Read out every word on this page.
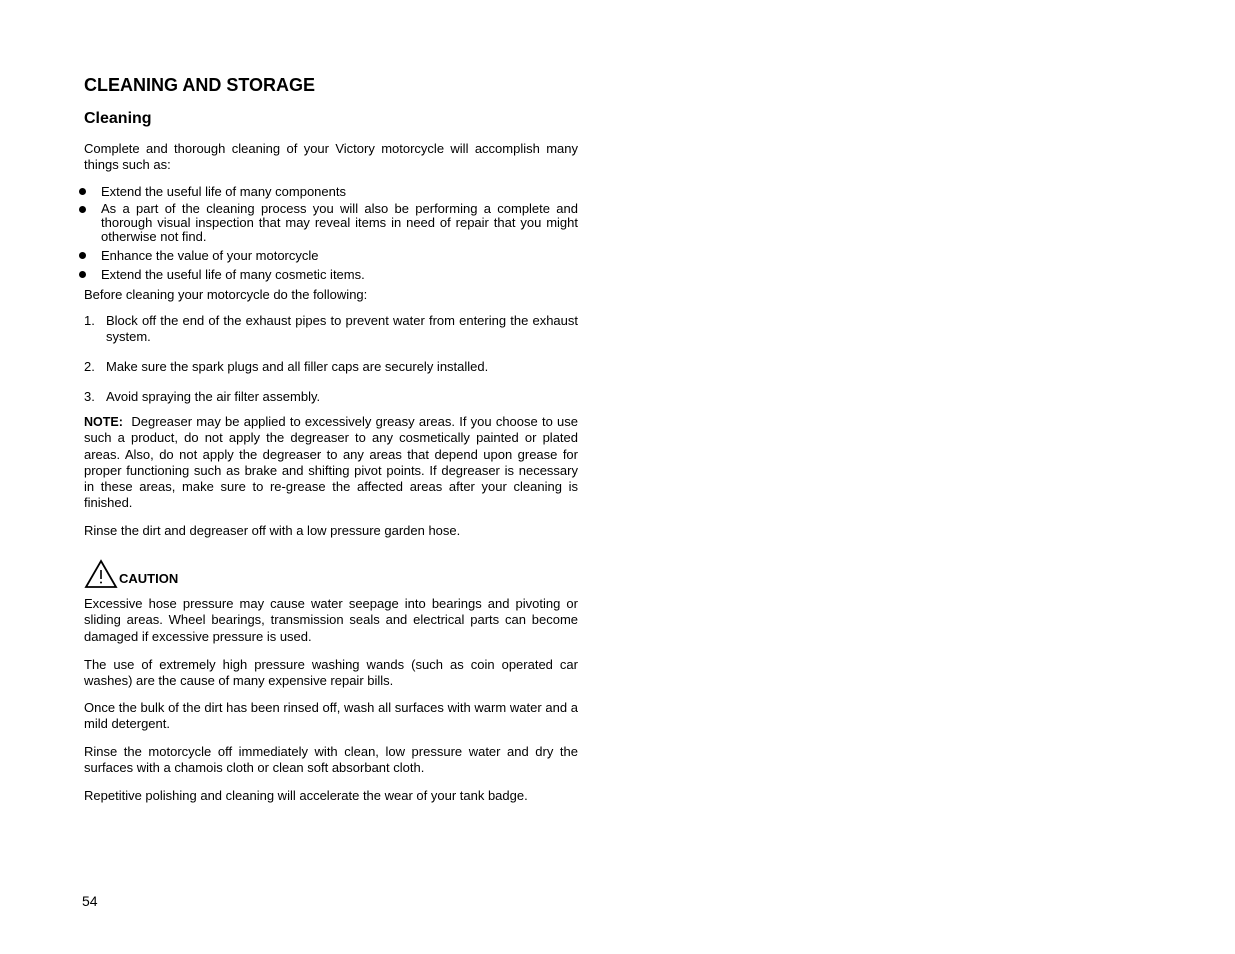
CLEANING AND STORAGE
Cleaning
Complete and thorough cleaning of your Victory motorcycle will accomplish many things such as:
Extend the useful life of many components
As a part of the cleaning process you will also be performing a complete and thorough visual inspection that may reveal items in need of repair that you might otherwise not find.
Enhance the value of your motorcycle
Extend the useful life of many cosmetic items.
Before cleaning your motorcycle do the following:
1. Block off the end of the exhaust pipes to prevent water from entering the exhaust system.
2. Make sure the spark plugs and all filler caps are securely installed.
3. Avoid spraying the air filter assembly.
NOTE: Degreaser may be applied to excessively greasy areas. If you choose to use such a product, do not apply the degreaser to any cosmetically painted or plated areas. Also, do not apply the degreaser to any areas that depend upon grease for proper functioning such as brake and shifting pivot points. If degreaser is necessary in these areas, make sure to re-grease the affected areas after your cleaning is finished.
Rinse the dirt and degreaser off with a low pressure garden hose.
CAUTION
Excessive hose pressure may cause water seepage into bearings and pivoting or sliding areas. Wheel bearings, transmission seals and electrical parts can become damaged if excessive pressure is used.
The use of extremely high pressure washing wands (such as coin operated car washes) are the cause of many expensive repair bills.
Once the bulk of the dirt has been rinsed off, wash all surfaces with warm water and a mild detergent.
Rinse the motorcycle off immediately with clean, low pressure water and dry the surfaces with a chamois cloth or clean soft absorbant cloth.
Repetitive polishing and cleaning will accelerate the wear of your tank badge.
54
